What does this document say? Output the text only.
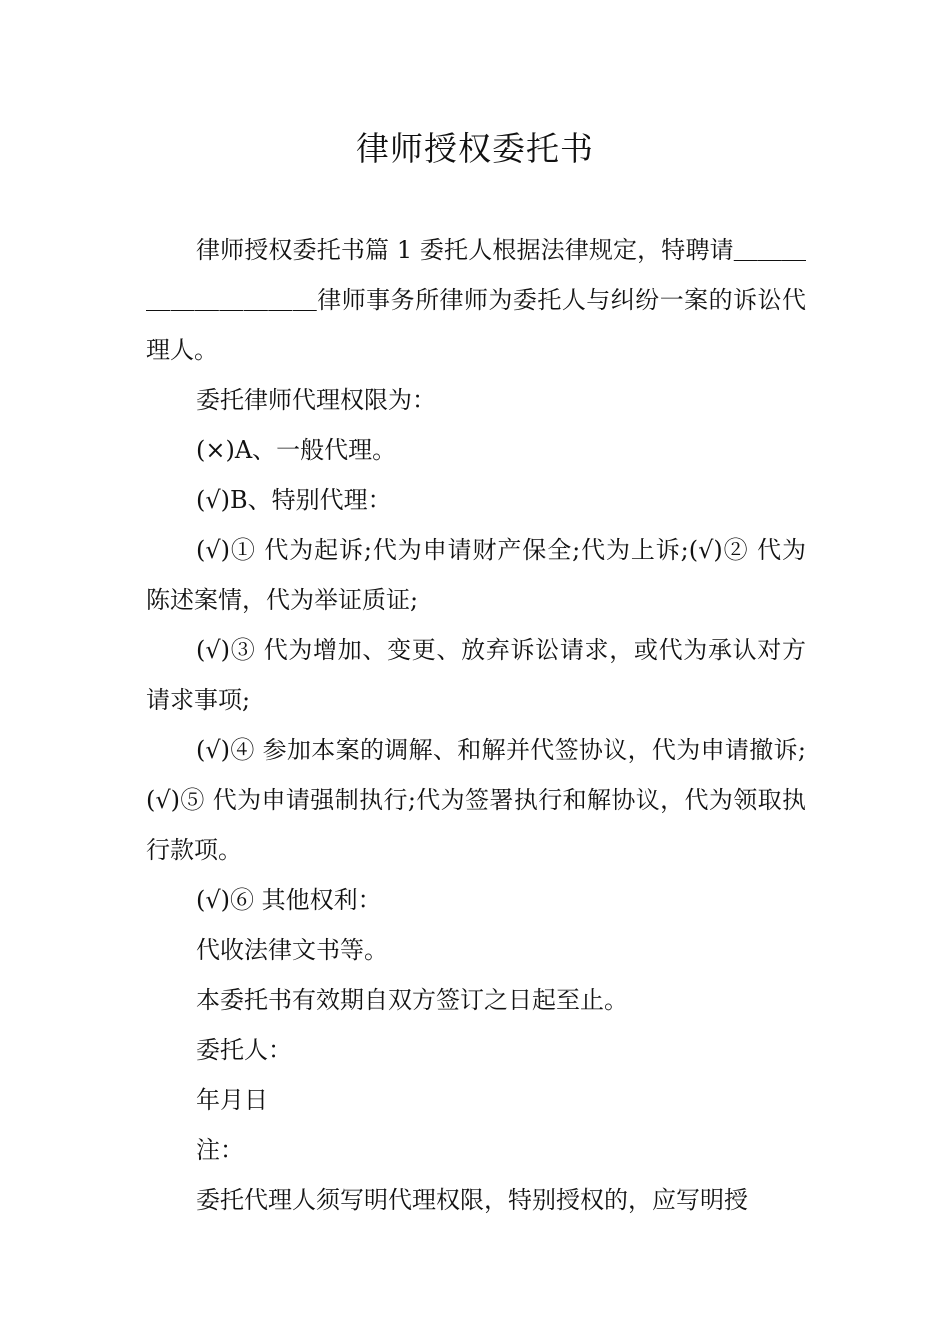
律师授权委托书

律师授权委托书篇 1 委托人根据法律规定，特聘请＿＿＿＿＿＿＿＿＿＿律师事务所律师为委托人与纠纷一案的诉讼代理人。

委托律师代理权限为：

(×)A、一般代理。

(√)B、特别代理：

(√)① 代为起诉;代为申请财产保全;代为上诉;(√)② 代为陈述案情，代为举证质证;

(√)③ 代为增加、变更、放弃诉讼请求，或代为承认对方请求事项;

(√)④ 参加本案的调解、和解并代签协议，代为申请撤诉;(√)⑤ 代为申请强制执行;代为签署执行和解协议，代为领取执行款项。

(√)⑥ 其他权利：

代收法律文书等。

本委托书有效期自双方签订之日起至止。

委托人：

年月日

注：

委托代理人须写明代理权限，特别授权的，应写明授
